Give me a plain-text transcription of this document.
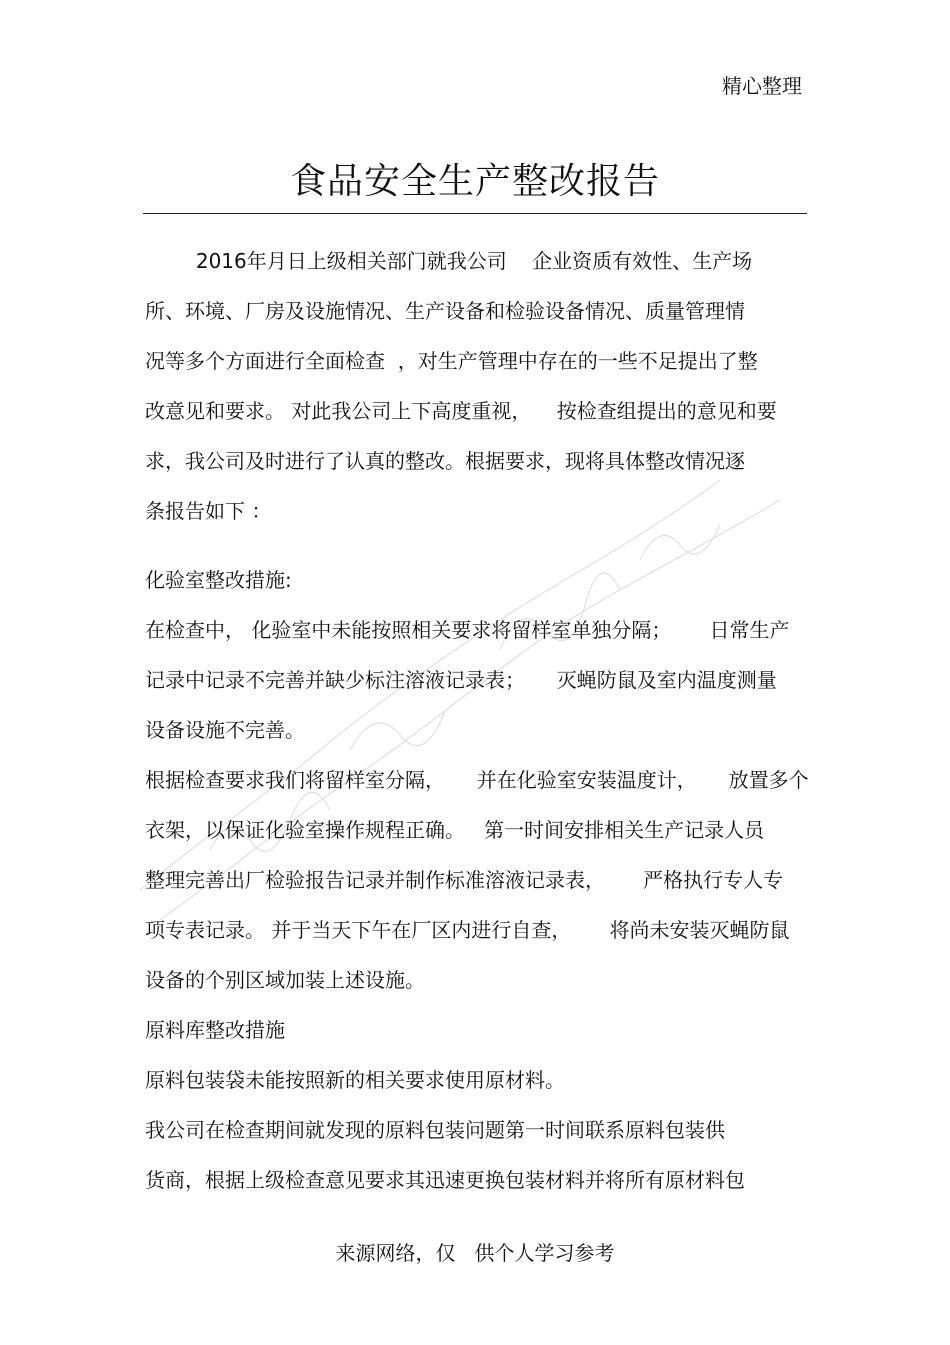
精心整理
食品安全生产整改报告
2016年月日上级相关部门就我公司    企业资质有效性、生产场
所、环境、厂房及设施情况、生产设备和检验设备情况、质量管理情
况等多个方面进行全面检查  ，对生产管理中存在的一些不足提出了整
改意见和要求。 对此我公司上下高度重视，    按检查组提出的意见和要
求，我公司及时进行了认真的整改。根据要求，现将具体整改情况逐
条报告如下 ：
化验室整改措施:
在检查中， 化验室中未能按照相关要求将留样室单独分隔；      日常生产
记录中记录不完善并缺少标注溶液记录表；     灭蝇防鼠及室内温度测量
设备设施不完善。
根据检查要求我们将留样室分隔，     并在化验室安装温度计，     放置多个
衣架，以保证化验室操作规程正确。   第一时间安排相关生产记录人员
整理完善出厂检验报告记录并制作标准溶液记录表，      严格执行专人专
项专表记录。 并于当天下午在厂区内进行自查，      将尚未安装灭蝇防鼠
设备的个别区域加装上述设施。
原料库整改措施
原料包装袋未能按照新的相关要求使用原材料。
我公司在检查期间就发现的原料包装问题第一时间联系原料包装供
货商，根据上级检查意见要求其迅速更换包装材料并将所有原材料包
来源网络，仅   供个人学习参考
